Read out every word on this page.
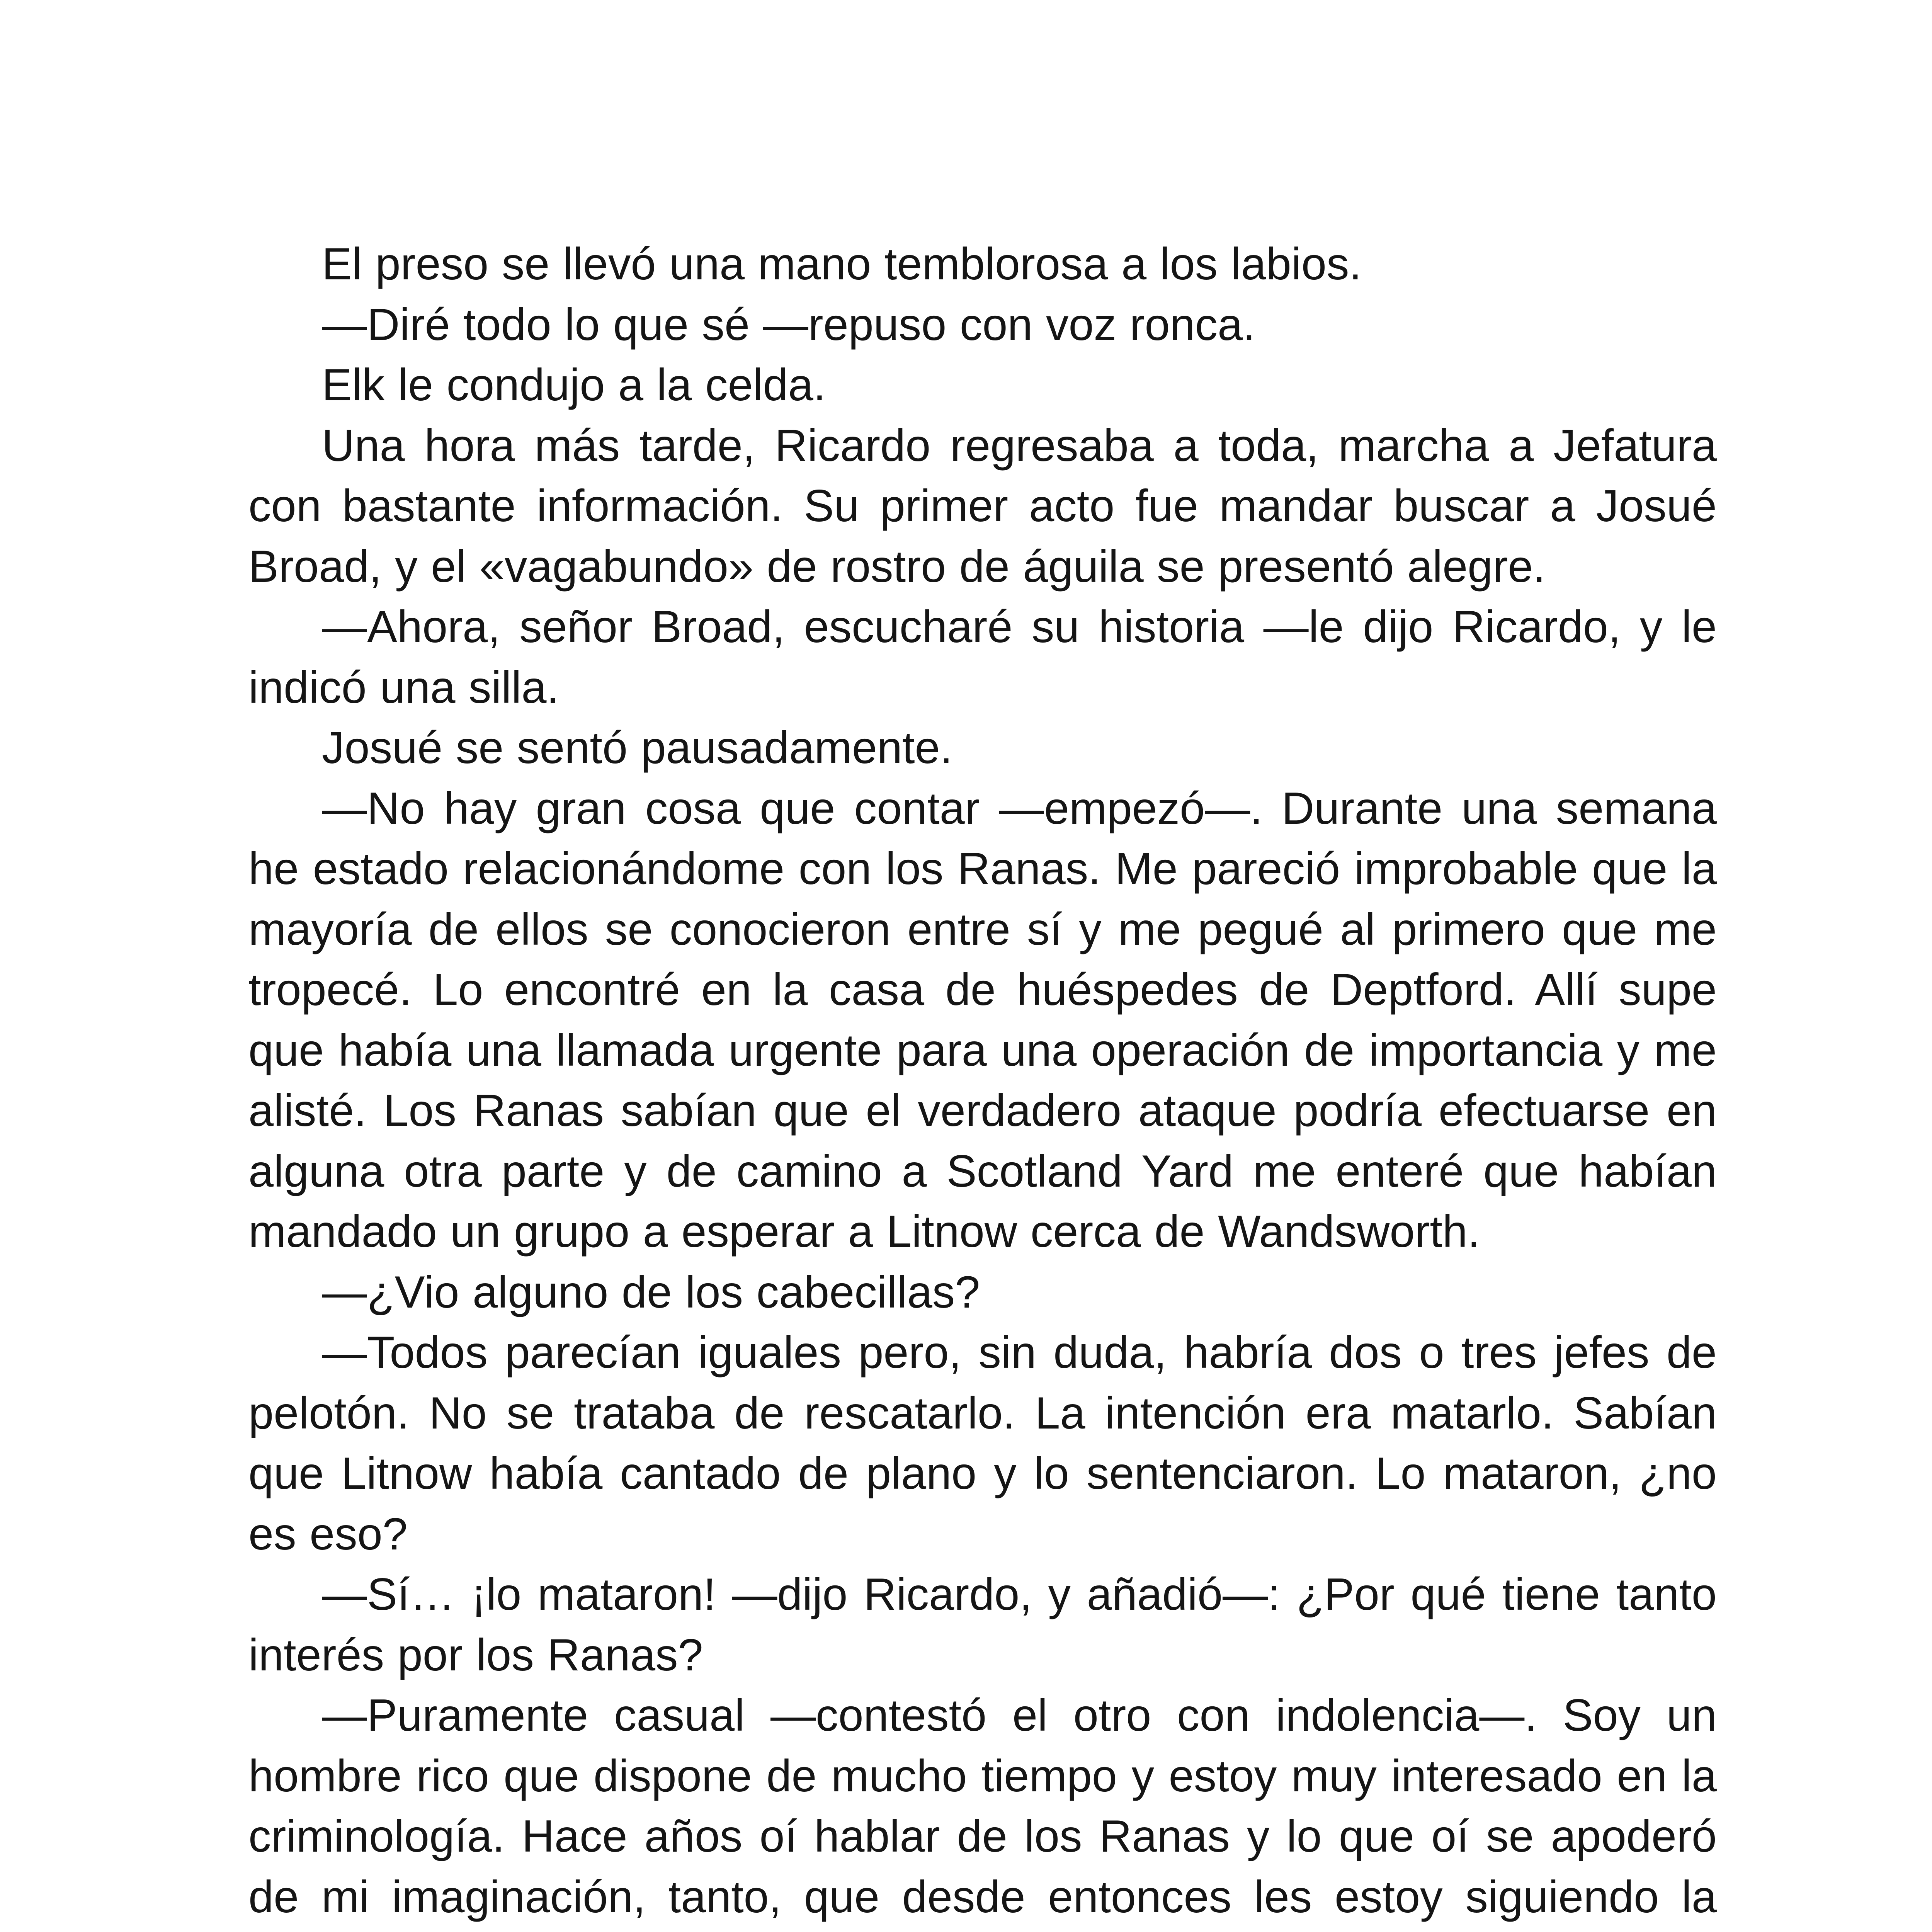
El preso se llevó una mano temblorosa a los labios.

—Diré todo lo que sé —repuso con voz ronca.

Elk le condujo a la celda.

Una hora más tarde, Ricardo regresaba a toda, marcha a Jefatura con bastante información. Su primer acto fue mandar buscar a Josué Broad, y el «vagabundo» de rostro de águila se presentó alegre.

—Ahora, señor Broad, escucharé su historia —le dijo Ricardo, y le indicó una silla.

Josué se sentó pausadamente.

—No hay gran cosa que contar —empezó—. Durante una semana he estado relacionándome con los Ranas. Me pareció improbable que la mayoría de ellos se conocieron entre sí y me pegué al primero que me tropecé. Lo encontré en la casa de huéspedes de Deptford. Allí supe que había una llamada urgente para una operación de importancia y me alisté. Los Ranas sabían que el verdadero ataque podría efectuarse en alguna otra parte y de camino a Scotland Yard me enteré que habían mandado un grupo a esperar a Litnow cerca de Wandsworth.

—¿Vio alguno de los cabecillas?

—Todos parecían iguales pero, sin duda, habría dos o tres jefes de pelotón. No se trataba de rescatarlo. La intención era matarlo. Sabían que Litnow había cantado de plano y lo sentenciaron. Lo mataron, ¿no es eso?

—Sí… ¡lo mataron! —dijo Ricardo, y añadió—: ¿Por qué tiene tanto interés por los Ranas?

—Puramente casual —contestó el otro con indolencia—. Soy un hombre rico que dispone de mucho tiempo y estoy muy interesado en la criminología. Hace años oí hablar de los Ranas y lo que oí se apoderó de mi imaginación, tanto, que desde entonces les estoy siguiendo la
